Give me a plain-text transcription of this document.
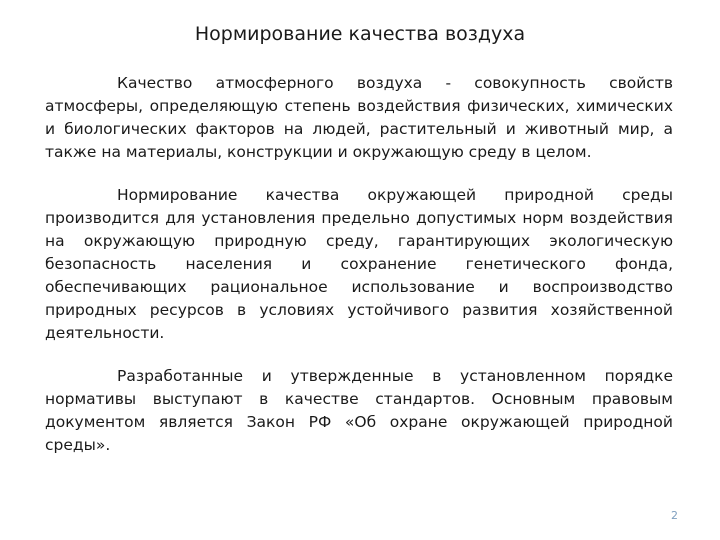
Нормирование качества воздуха

Качество атмосферного воздуха - совокупность свойств атмосферы, определяющую степень воздействия физических, химических и биологических факторов на людей, растительный и животный мир, а также на материалы, конструкции и окружающую среду в целом.

Нормирование качества окружающей природной среды производится для установления предельно допустимых норм воздействия на окружающую природную среду, гарантирующих экологическую безопасность населения и сохранение генетического фонда, обеспечивающих рациональное использование и воспроизводство природных ресурсов в условиях устойчивого развития хозяйственной деятельности.

Разработанные и утвержденные в установленном порядке нормативы выступают в качестве стандартов. Основным правовым документом является Закон РФ «Об охране окружающей природной среды».

2
